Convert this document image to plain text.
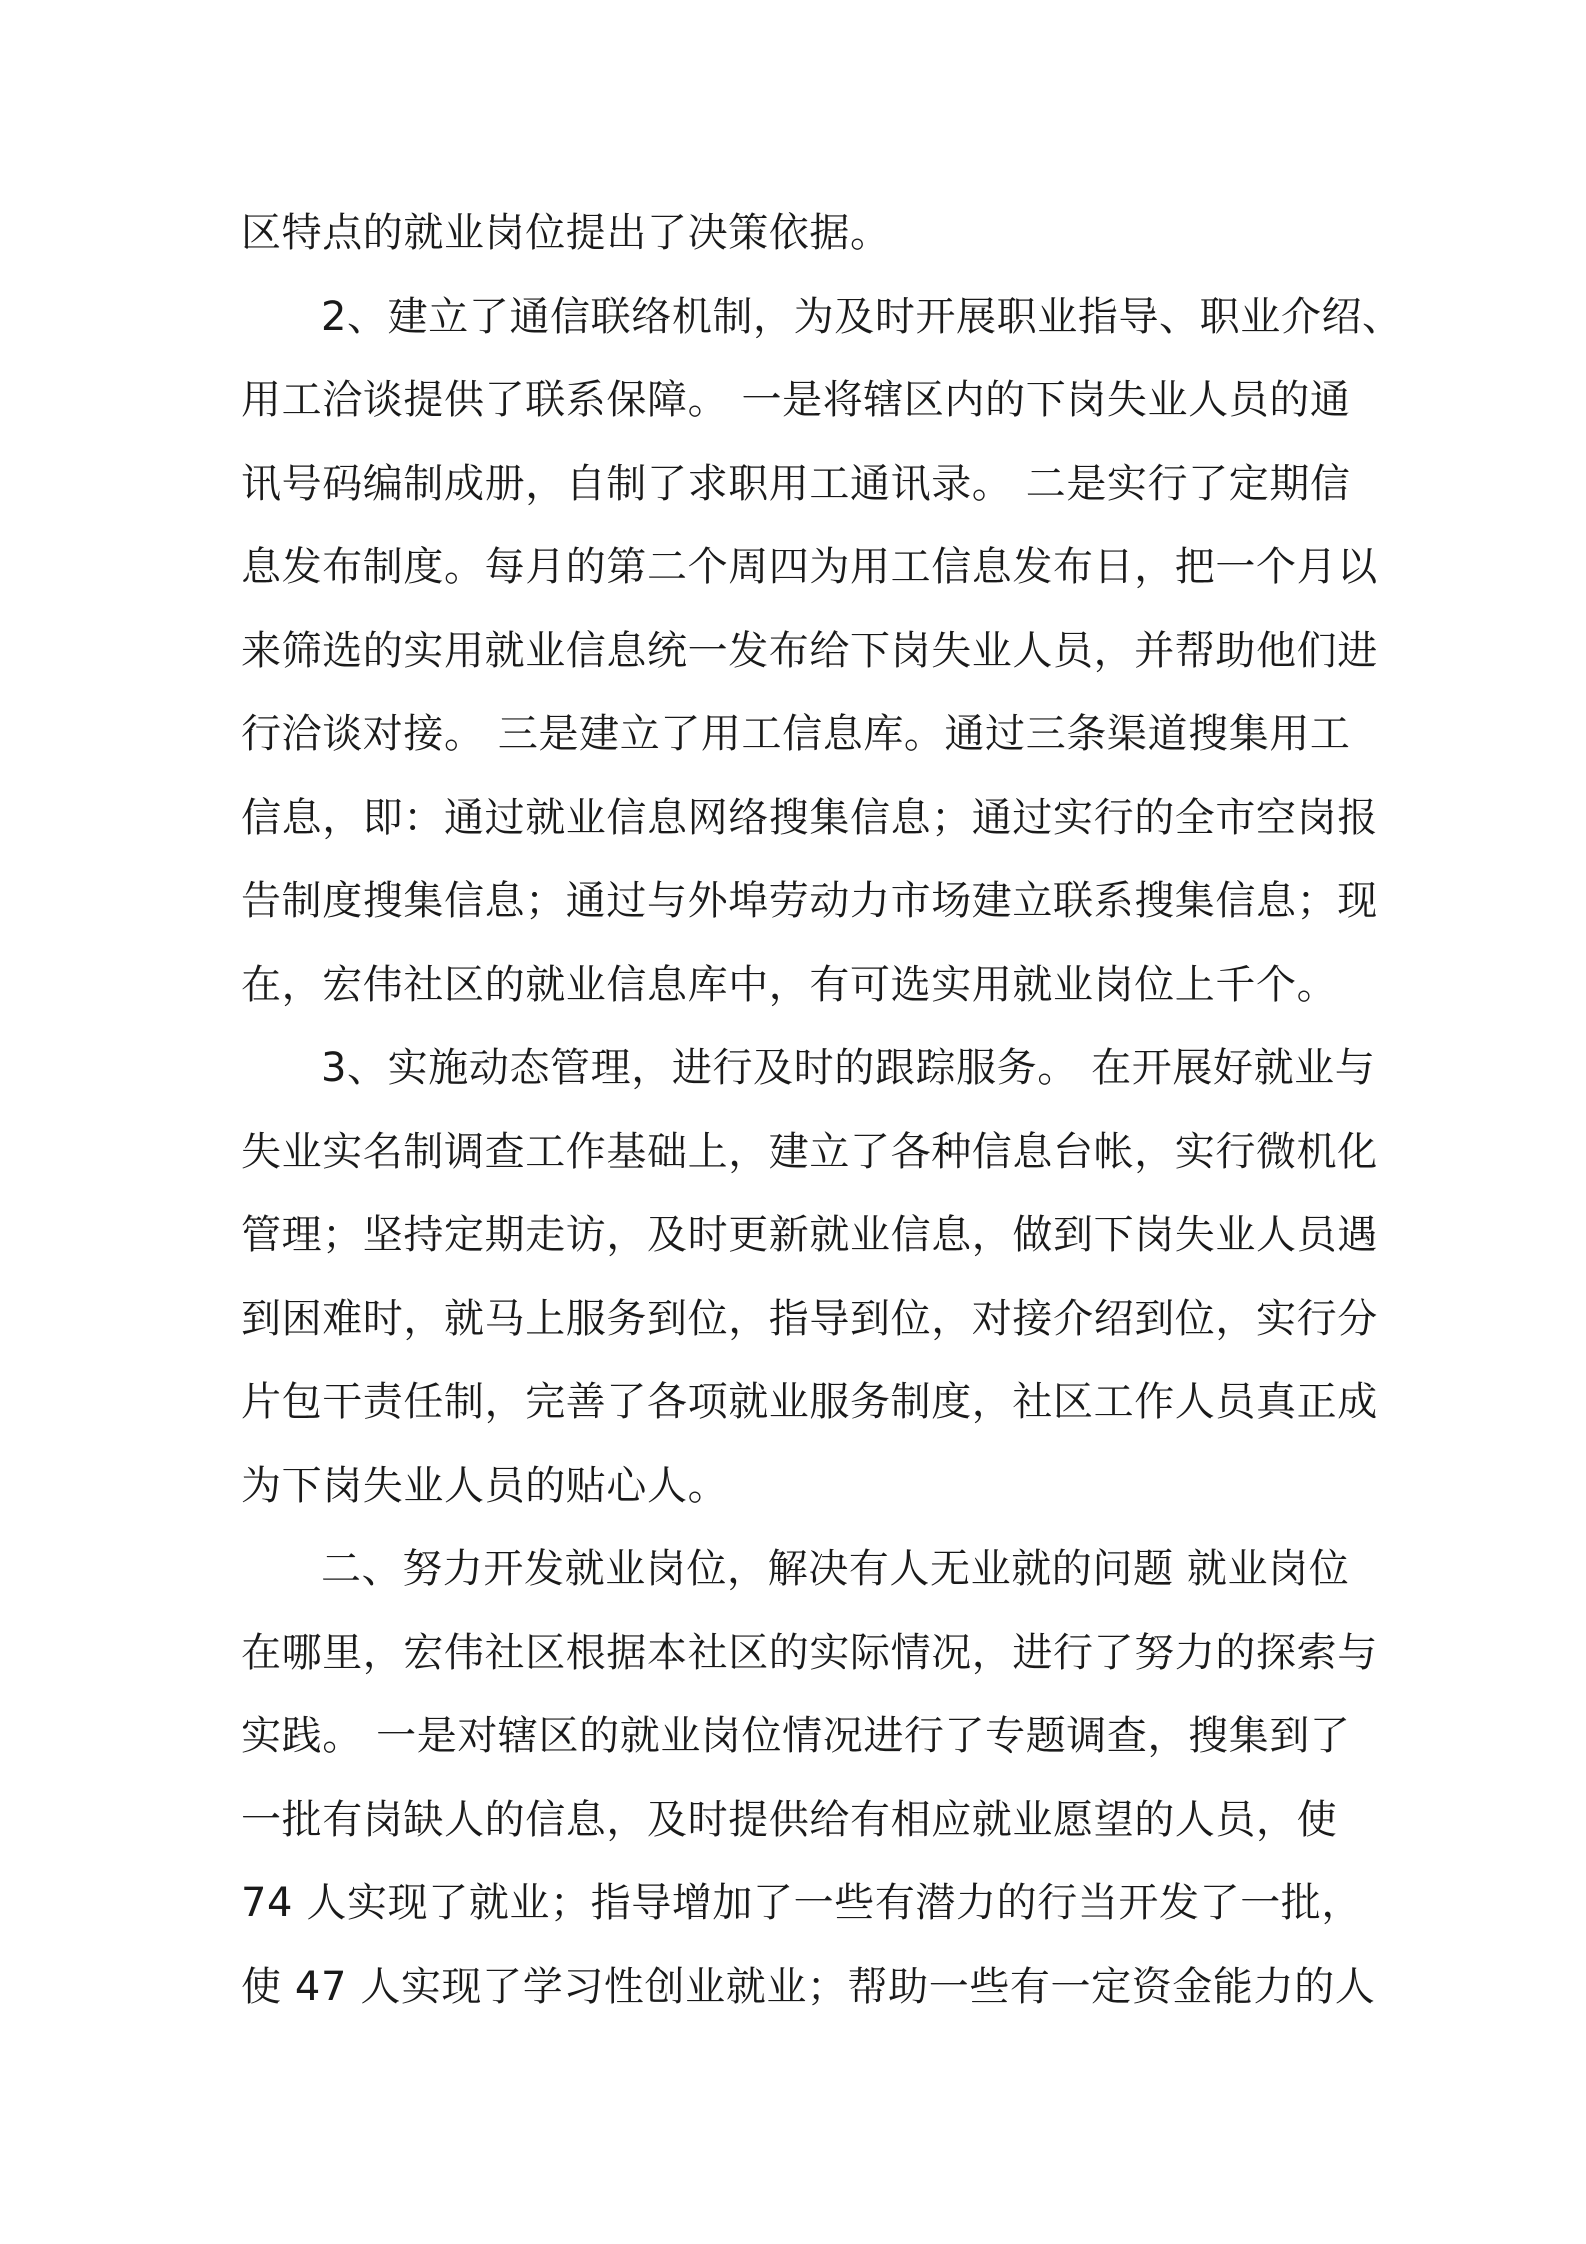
区特点的就业岗位提出了决策依据。
2、建立了通信联络机制，为及时开展职业指导、职业介绍、
用工洽谈提供了联系保障。 一是将辖区内的下岗失业人员的通
讯号码编制成册，自制了求职用工通讯录。 二是实行了定期信
息发布制度。每月的第二个周四为用工信息发布日，把一个月以
来筛选的实用就业信息统一发布给下岗失业人员，并帮助他们进
行洽谈对接。 三是建立了用工信息库。通过三条渠道搜集用工
信息，即：通过就业信息网络搜集信息；通过实行的全市空岗报
告制度搜集信息；通过与外埠劳动力市场建立联系搜集信息；现
在，宏伟社区的就业信息库中，有可选实用就业岗位上千个。
3、实施动态管理，进行及时的跟踪服务。 在开展好就业与
失业实名制调查工作基础上，建立了各种信息台帐，实行微机化
管理；坚持定期走访，及时更新就业信息，做到下岗失业人员遇
到困难时，就马上服务到位，指导到位，对接介绍到位，实行分
片包干责任制，完善了各项就业服务制度，社区工作人员真正成
为下岗失业人员的贴心人。
二、努力开发就业岗位，解决有人无业就的问题 就业岗位
在哪里，宏伟社区根据本社区的实际情况，进行了努力的探索与
实践。 一是对辖区的就业岗位情况进行了专题调查，搜集到了
一批有岗缺人的信息，及时提供给有相应就业愿望的人员，使
74 人实现了就业；指导增加了一些有潜力的行当开发了一批，
使 47 人实现了学习性创业就业；帮助一些有一定资金能力的人
